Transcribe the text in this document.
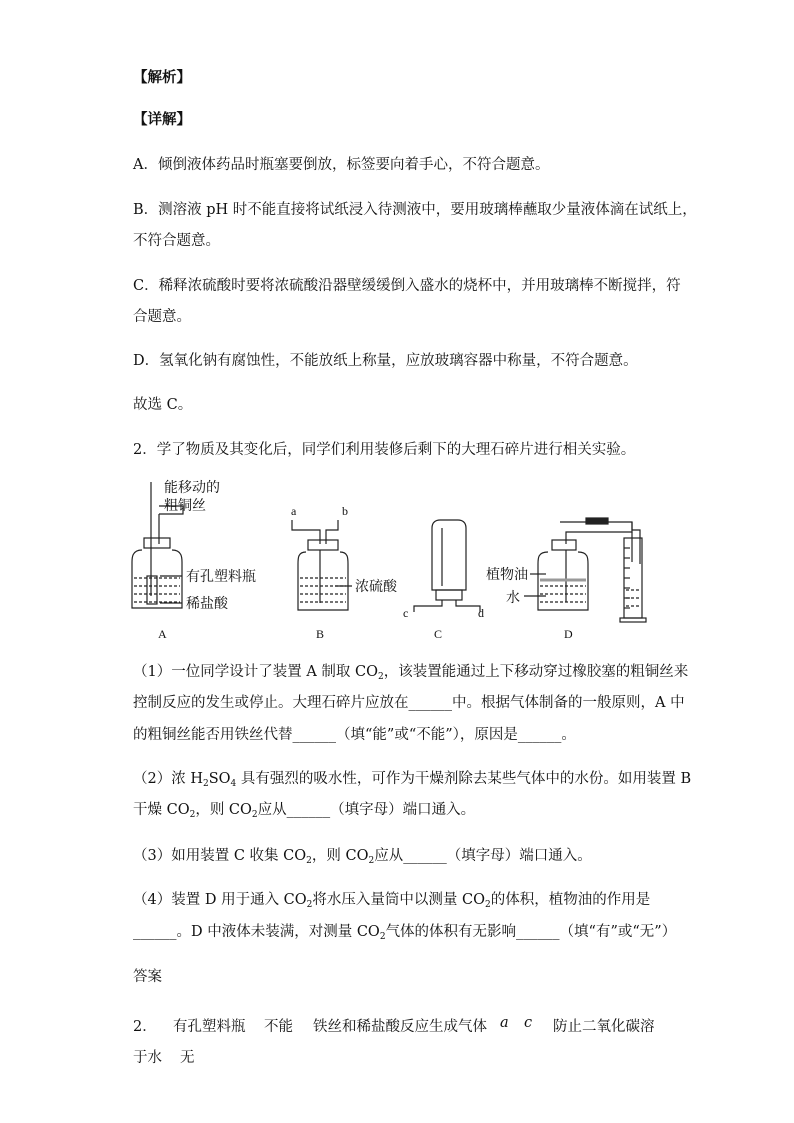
【解析】
【详解】
A．倾倒液体药品时瓶塞要倒放，标签要向着手心，不符合题意。
B．测溶液 pH 时不能直接将试纸浸入待测液中，要用玻璃棒蘸取少量液体滴在试纸上，
不符合题意。
C．稀释浓硫酸时要将浓硫酸沿器壁缓缓倒入盛水的烧杯中，并用玻璃棒不断搅拌，符
合题意。
D．氢氧化钠有腐蚀性，不能放纸上称量，应放玻璃容器中称量，不符合题意。
故选 C。
2．学了物质及其变化后，同学们利用装修后剩下的大理石碎片进行相关实验。
能移动的
粗铜丝
有孔塑料瓶
稀盐酸
a	b
浓硫酸
c	d
植物油
水
A	B	C	D
（1）一位同学设计了装置 A 制取 $CO_2$，该装置能通过上下移动穿过橡胶塞的粗铜丝来
控制反应的发生或停止。大理石碎片应放在______中。根据气体制备的一般原则，A 中
的粗铜丝能否用铁丝代替______（填“能”或“不能”），原因是______。
（2）浓 $H_2SO_4$ 具有强烈的吸水性，可作为干燥剂除去某些气体中的水份。如用装置 B
干燥 $CO_2$，则 $CO_2$应从______（填字母）端口通入。
（3）如用装置 C 收集 $CO_2$，则 $CO_2$应从______（填字母）端口通入。
（4）装置 D 用于通入 $CO_2$将水压入量筒中以测量 $CO_2$的体积，植物油的作用是
______。D 中液体未装满，对测量 $CO_2$气体的体积有无影响______（填“有”或“无”）
答案
2． 有孔塑料瓶 不能 铁丝和稀盐酸反应生成气体 a c 防止二氧化碳溶
于水 无
